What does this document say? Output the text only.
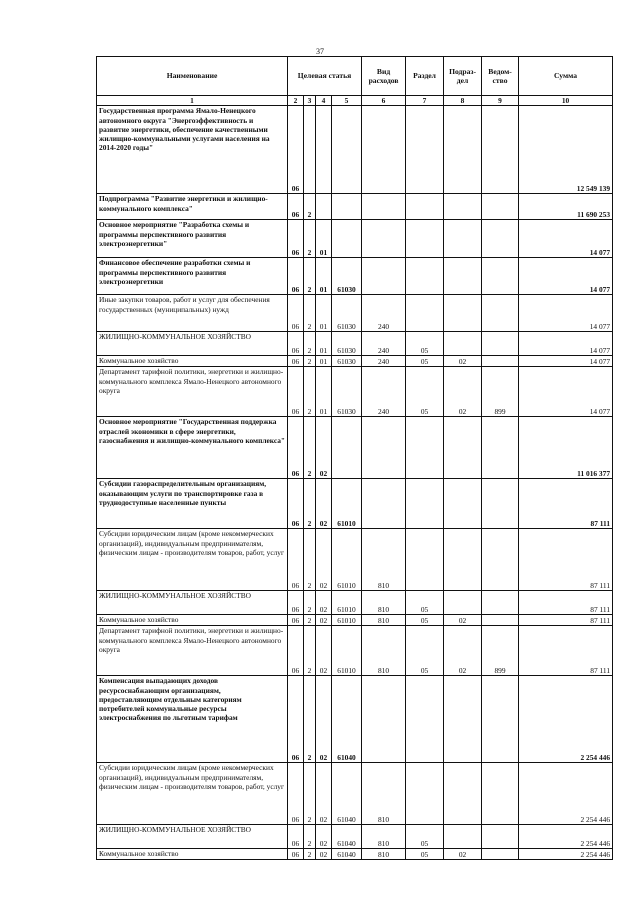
37
Наименование	Целевая статья				Вид расходов	Раздел	Подраз-дел	Ведом-ство	Сумма
1	2	3	4	5	6	7	8	9	10
Государственная программа Ямало-Ненецкого автономного округа "Энергоэффективность и развитие энергетики, обеспечение качественными жилищно-коммунальными услугами населения на 2014-2020 годы"	06								12 549 139
Подпрограмма "Развитие энергетики и жилищно-коммунального комплекса"	06	2							11 690 253
Основное мероприятие "Разработка схемы и программы перспективного развития электроэнергетики"	06	2	01						14 077
Финансовое обеспечение разработки схемы и программы перспективного развития электроэнергетики	06	2	01	61030					14 077
Иные закупки товаров, работ и услуг для обеспечения государственных (муниципальных) нужд	06	2	01	61030	240				14 077
ЖИЛИЩНО-КОММУНАЛЬНОЕ ХОЗЯЙСТВО	06	2	01	61030	240	05			14 077
Коммунальное хозяйство	06	2	01	61030	240	05	02		14 077
Департамент тарифной политики, энергетики и жилищно-коммунального комплекса Ямало-Ненецкого автономного округа	06	2	01	61030	240	05	02	899	14 077
Основное мероприятие "Государственная поддержка отраслей экономики в сфере энергетики, газоснабжения и жилищно-коммунального комплекса"	06	2	02						11 016 377
Субсидии газораспределительным организациям, оказывающим услуги по транспортировке газа в труднодоступные населенные пункты	06	2	02	61010					87 111
Субсидии юридическим лицам (кроме некоммерческих организаций), индивидуальным предпринимателям, физическим лицам - производителям товаров, работ, услуг	06	2	02	61010	810				87 111
ЖИЛИЩНО-КОММУНАЛЬНОЕ ХОЗЯЙСТВО	06	2	02	61010	810	05			87 111
Коммунальное хозяйство	06	2	02	61010	810	05	02		87 111
Департамент тарифной политики, энергетики и жилищно-коммунального комплекса Ямало-Ненецкого автономного округа	06	2	02	61010	810	05	02	899	87 111
Компенсация выпадающих доходов ресурсоснабжающим организациям, предоставляющим отдельным категориям потребителей коммунальные ресурсы электроснабжения по льготным тарифам	06	2	02	61040					2 254 446
Субсидии юридическим лицам (кроме некоммерческих организаций), индивидуальным предпринимателям, физическим лицам - производителям товаров, работ, услуг	06	2	02	61040	810				2 254 446
ЖИЛИЩНО-КОММУНАЛЬНОЕ ХОЗЯЙСТВО	06	2	02	61040	810	05			2 254 446
Коммунальное хозяйство	06	2	02	61040	810	05	02		2 254 446
